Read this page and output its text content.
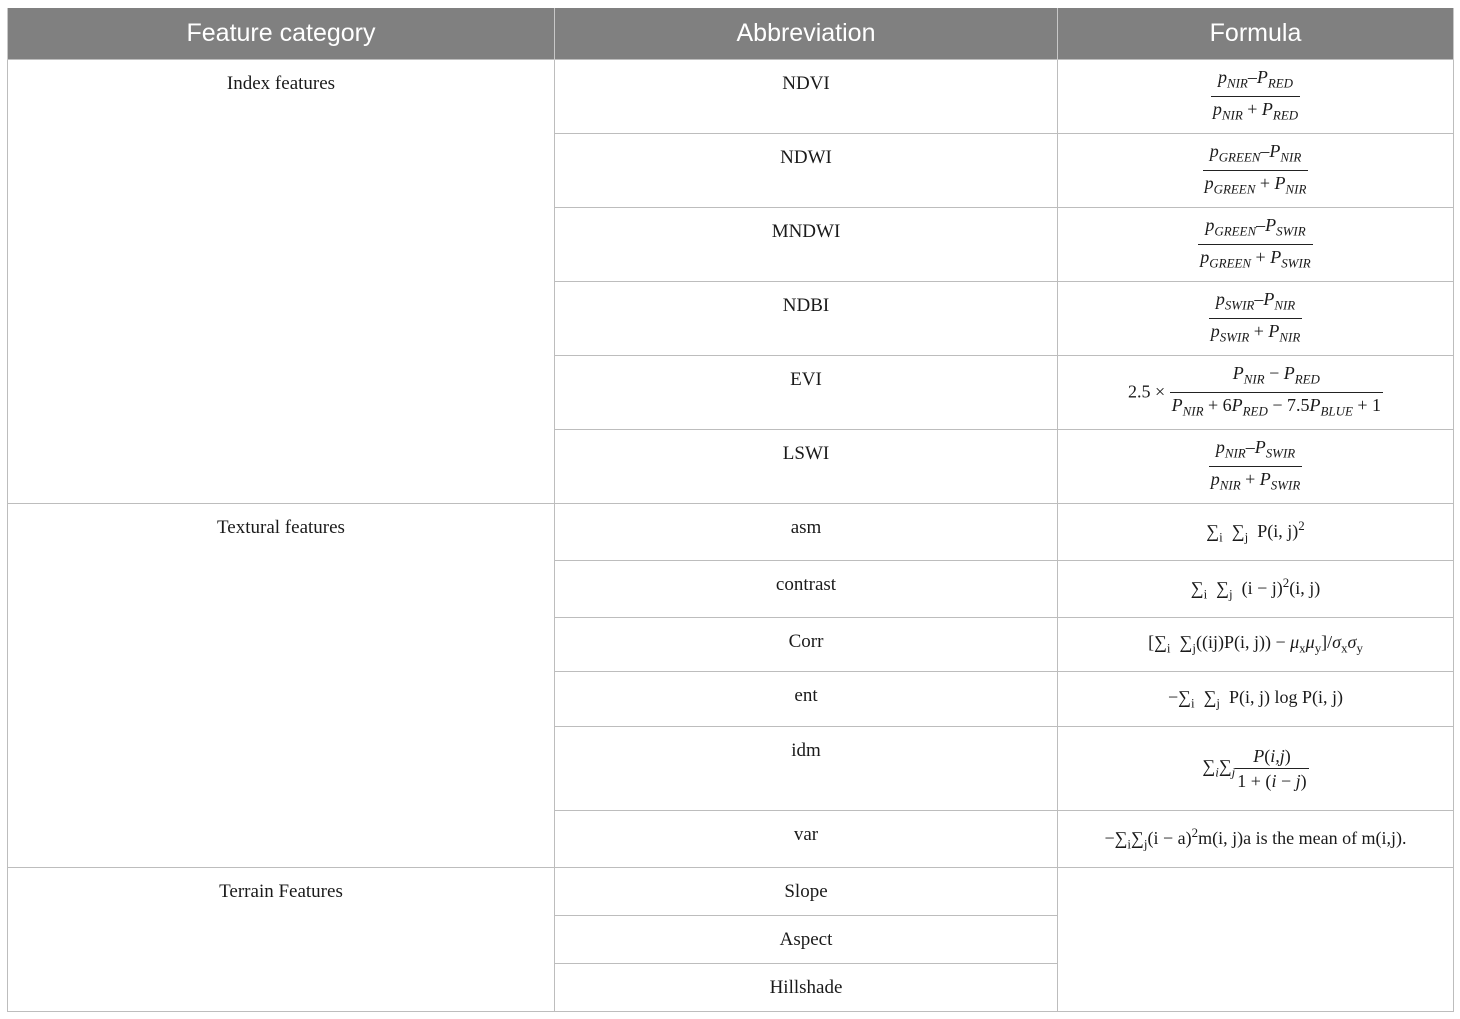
Feature category	Abbreviation	Formula
Index features	NDVI	$\frac{p_{NIR}-P_{RED}}{p_{NIR} + P_{RED}}$

	NDWI	$\frac{p_{GREEN}-P_{NIR}}{p_{GREEN} + P_{NIR}}$

	MNDWI	$\frac{p_{GREEN}-P_{SWIR}}{p_{GREEN} + P_{SWIR}}$

	NDBI	$\frac{p_{SWIR}-P_{NIR}}{p_{SWIR} + P_{NIR}}$

	EVI	$2.5 \times \frac{P_{NIR} - P_{RED}}{P_{NIR} + 6P_{RED} - 7.5P_{BLUE} + 1}$

	LSWI	$\frac{p_{NIR}-P_{SWIR}}{p_{NIR} + P_{SWIR}}$

Textural features	asm	$\sum_i$  $\sum_j$  P(i, j)$^2$
	contrast	$\sum_i$  $\sum_j$  $(i - j)^2(i$, j)
	Corr	[$\sum_i$  $\sum_j((ij)P(i$, $j)) - \mu_x\mu_y]/\sigma_x\sigma_y$
	ent	$-\sum_i$  $\sum_j$  P(i, j) log P(i, j)
	idm	$\sum_i\sum_j \frac{P(i,j)}{1 + (i - j)}$

	var	$-\sum_i\sum_j(i - a)^2m(i$, j)a is the mean of m(i,j).
Terrain Features	Slope	
	Aspect	
	Hillshade	
